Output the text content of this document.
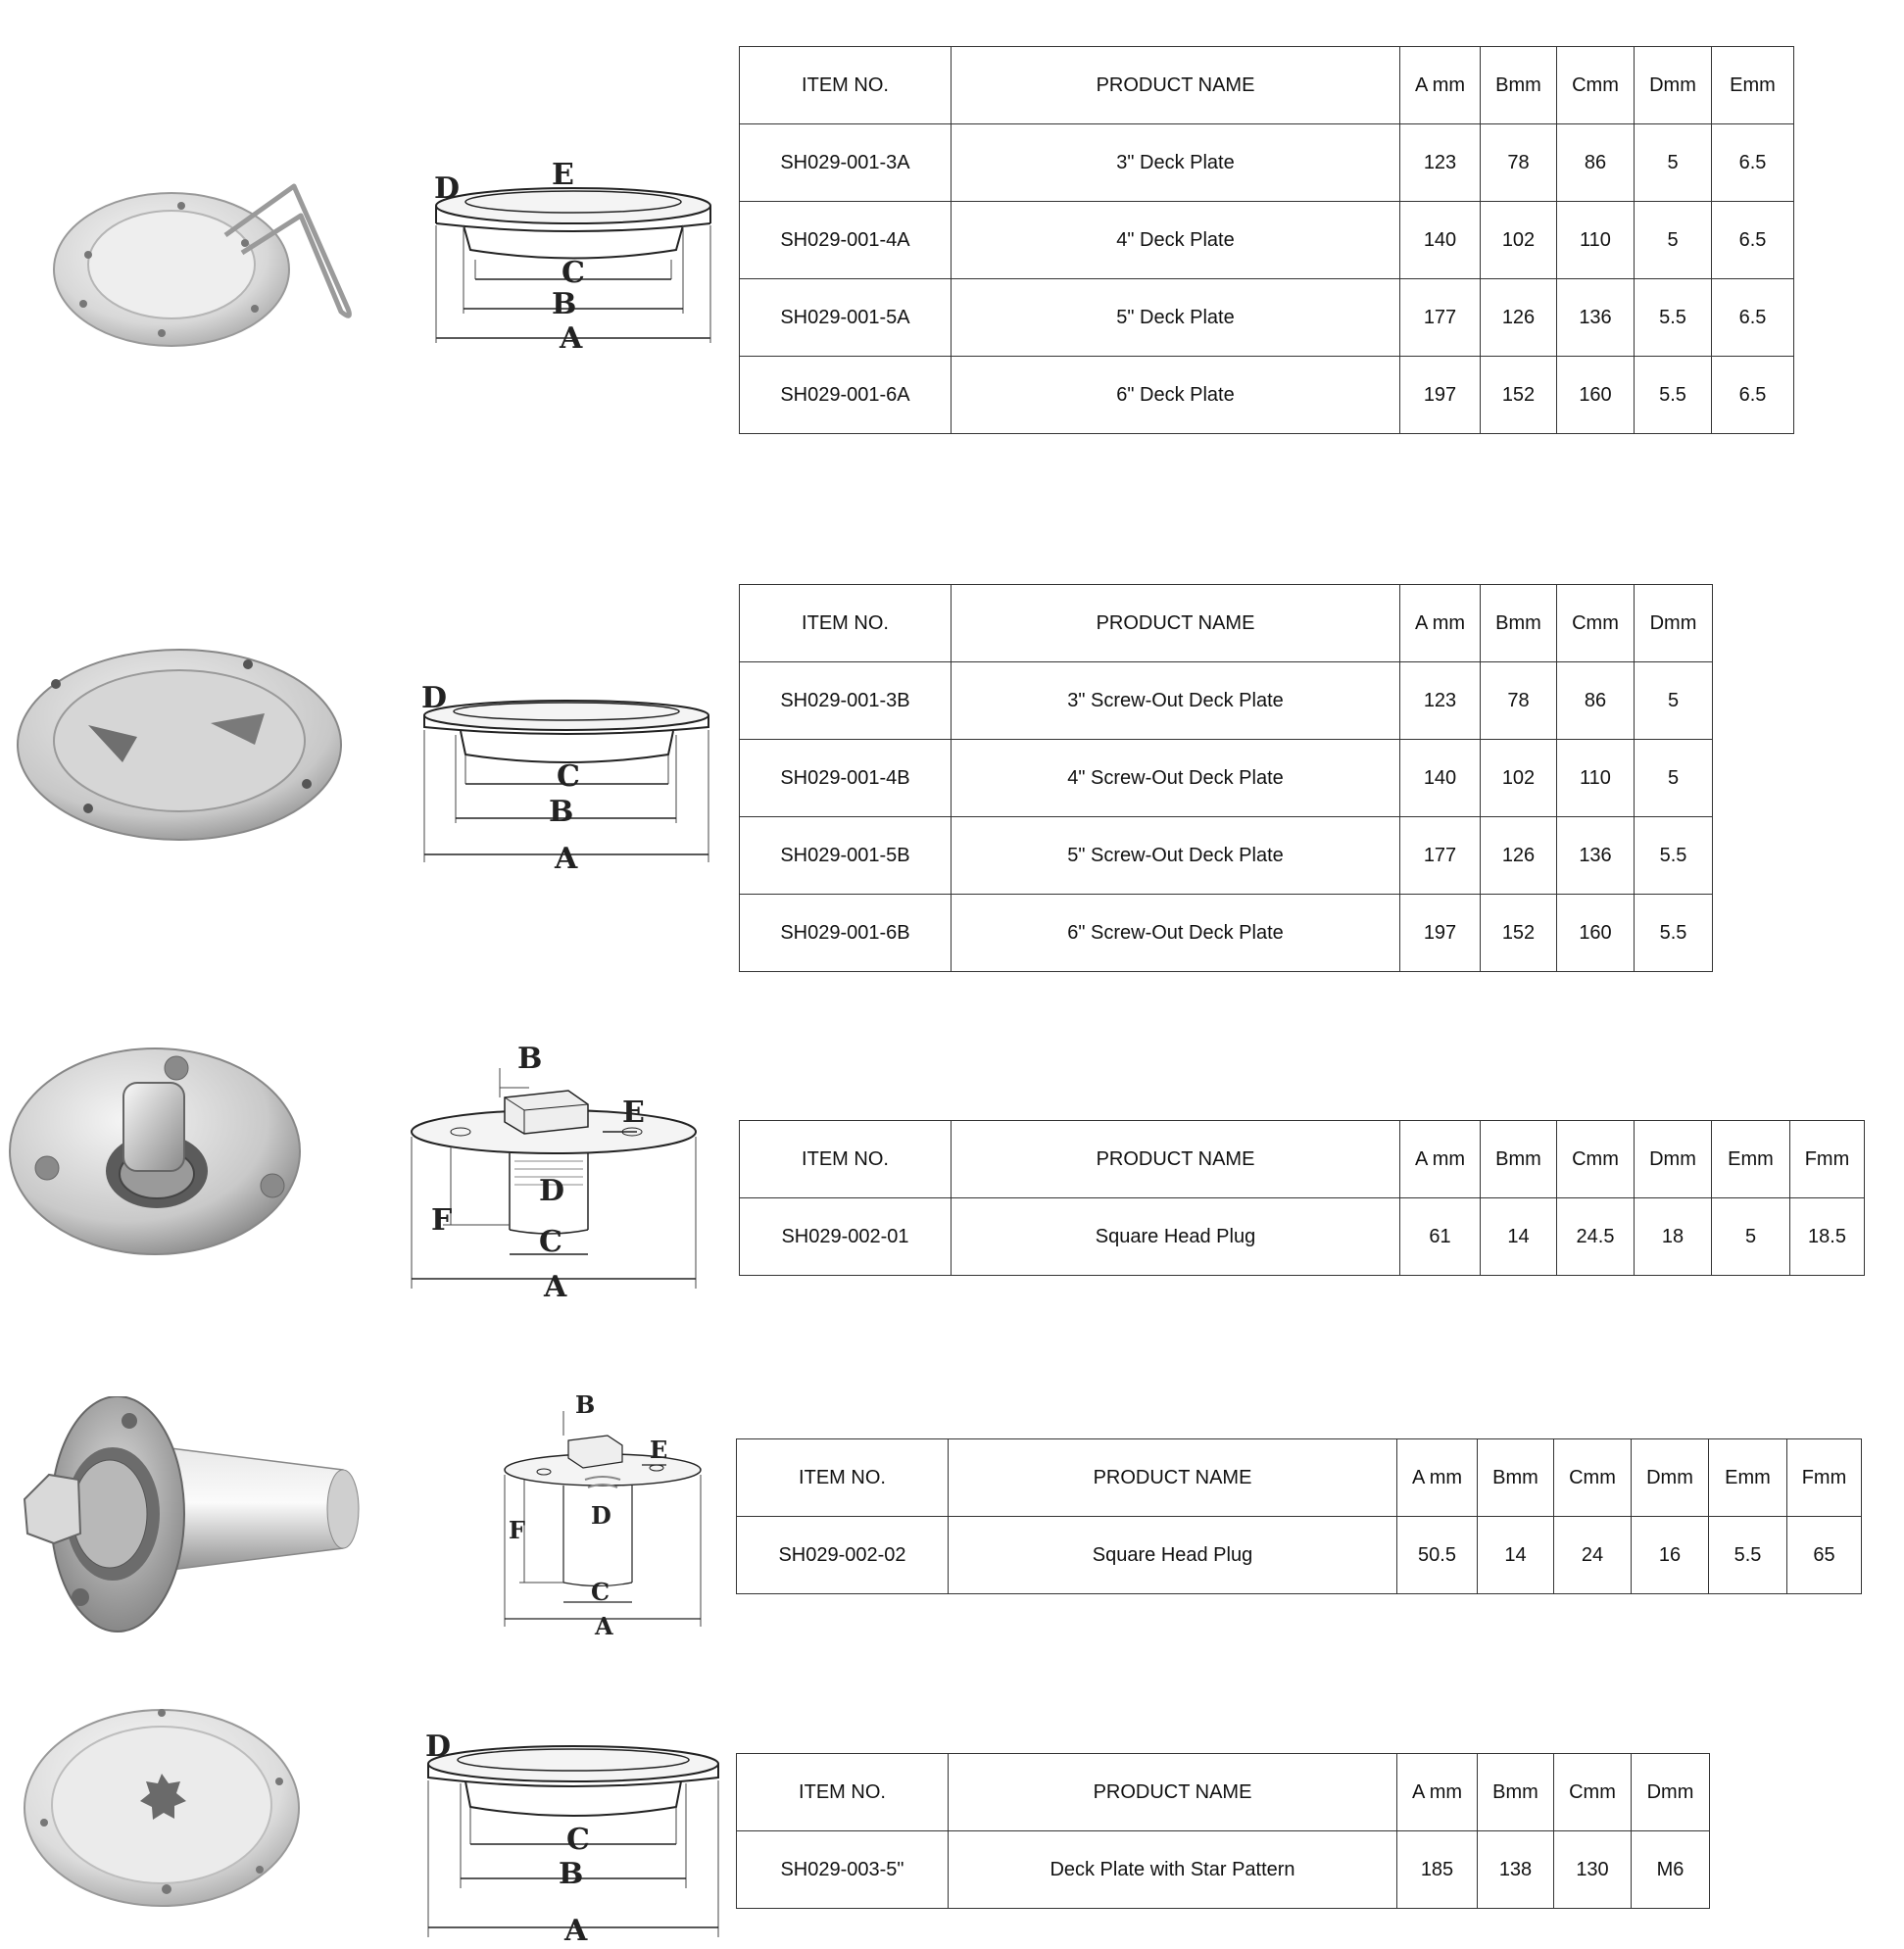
D	E
C
B
A
ITEM NO.	PRODUCT NAME	A mm	Bmm	Cmm	Dmm	Emm
SH029-001-3A	3" Deck Plate	123	78	86	5	6.5
SH029-001-4A	4" Deck Plate	140	102	110	5	6.5
SH029-001-5A	5" Deck Plate	177	126	136	5.5	6.5
SH029-001-6A	6" Deck Plate	197	152	160	5.5	6.5
D
C
B
A
ITEM NO.	PRODUCT NAME	A mm	Bmm	Cmm	Dmm
SH029-001-3B	3" Screw-Out Deck Plate	123	78	86	5
SH029-001-4B	4" Screw-Out Deck Plate	140	102	110	5
SH029-001-5B	5" Screw-Out Deck Plate	177	126	136	5.5
SH029-001-6B	6" Screw-Out Deck Plate	197	152	160	5.5
B
E
D
F
C
A
ITEM NO.	PRODUCT NAME	A mm	Bmm	Cmm	Dmm	Emm	Fmm
SH029-002-01	Square Head Plug	61	14	24.5	18	5	18.5
B
E
D
F
C
A
ITEM NO.	PRODUCT NAME	A mm	Bmm	Cmm	Dmm	Emm	Fmm
SH029-002-02	Square Head Plug	50.5	14	24	16	5.5	65
D
C
B
A
ITEM NO.	PRODUCT NAME	A mm	Bmm	Cmm	Dmm
SH029-003-5"	Deck Plate with Star Pattern	185	138	130	M6
